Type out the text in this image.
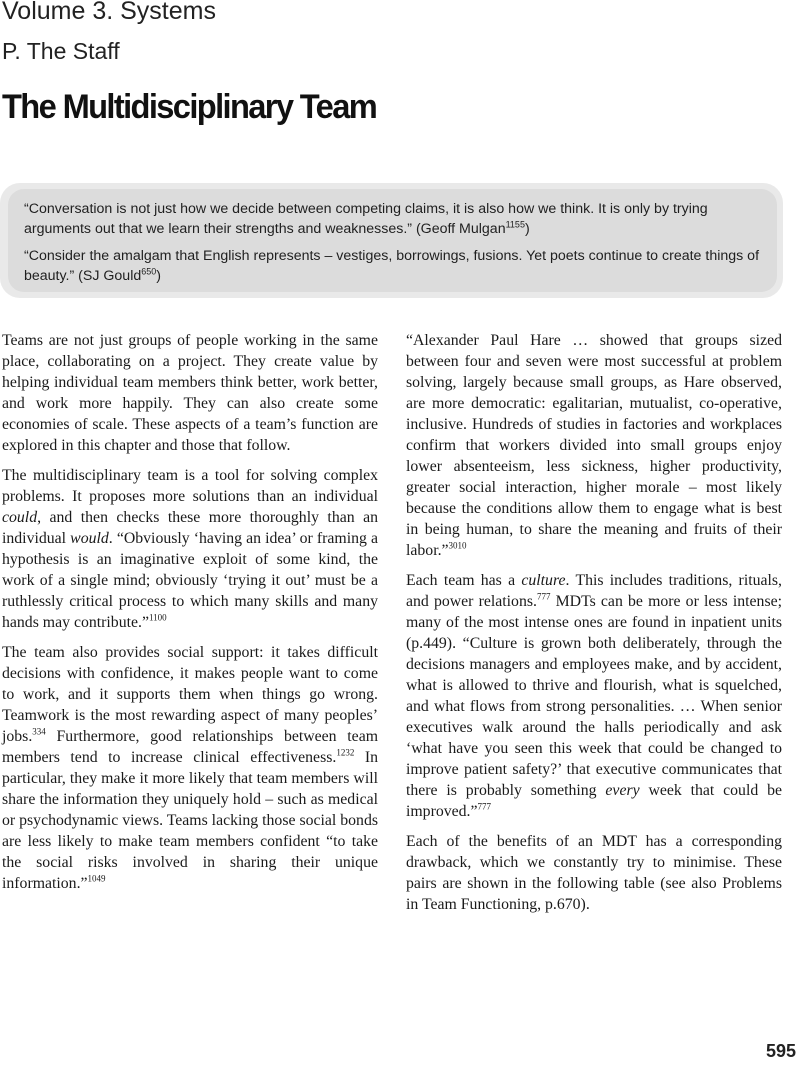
Volume 3. Systems
P. The Staff
The Multidisciplinary Team

“Conversation is not just how we decide between competing claims, it is also how we think. It is only by trying arguments out that we learn their strengths and weaknesses.” (Geoff Mulgan$^{1155}$)

“Consider the amalgam that English represents – vestiges, borrowings, fusions. Yet poets continue to create things of beauty.” (SJ Gould$^{650}$)

Teams are not just groups of people working in the same place, collaborating on a project. They create value by helping individual team members think better, work better, and work more happily. They can also create some economies of scale. These aspects of a team’s function are explored in this chapter and those that follow.

The multidisciplinary team is a tool for solving complex problems. It proposes more solutions than an individual could, and then checks these more thoroughly than an individual would. “Obviously ‘having an idea’ or framing a hypothesis is an imaginative exploit of some kind, the work of a single mind; obviously ‘trying it out’ must be a ruthlessly critical process to which many skills and many hands may contribute.”$^{1100}$

The team also provides social support: it takes difficult decisions with confidence, it makes people want to come to work, and it supports them when things go wrong. Teamwork is the most rewarding aspect of many peoples’ jobs.$^{334}$ Furthermore, good relationships between team members tend to increase clinical effectiveness.$^{1232}$ In particular, they make it more likely that team members will share the information they uniquely hold – such as medical or psychodynamic views. Teams lacking those social bonds are less likely to make team members confident “to take the social risks involved in sharing their unique information.”$^{1049}$

“Alexander Paul Hare … showed that groups sized between four and seven were most successful at problem solving, largely because small groups, as Hare observed, are more democratic: egalitarian, mutualist, co-operative, inclusive. Hundreds of studies in factories and workplaces confirm that workers divided into small groups enjoy lower absenteeism, less sickness, higher productivity, greater social interaction, higher morale – most likely because the conditions allow them to engage what is best in being human, to share the meaning and fruits of their labor.”$^{3010}$

Each team has a culture. This includes traditions, rituals, and power relations.$^{777}$ MDTs can be more or less intense; many of the most intense ones are found in inpatient units (p.449). “Culture is grown both deliberately, through the decisions managers and employees make, and by accident, what is allowed to thrive and flourish, what is squelched, and what flows from strong personalities. … When senior executives walk around the halls periodically and ask ‘what have you seen this week that could be changed to improve patient safety?’ that executive communicates that there is probably something every week that could be improved.”$^{777}$

Each of the benefits of an MDT has a corresponding drawback, which we constantly try to minimise. These pairs are shown in the following table (see also Problems in Team Functioning, p.670).

595
